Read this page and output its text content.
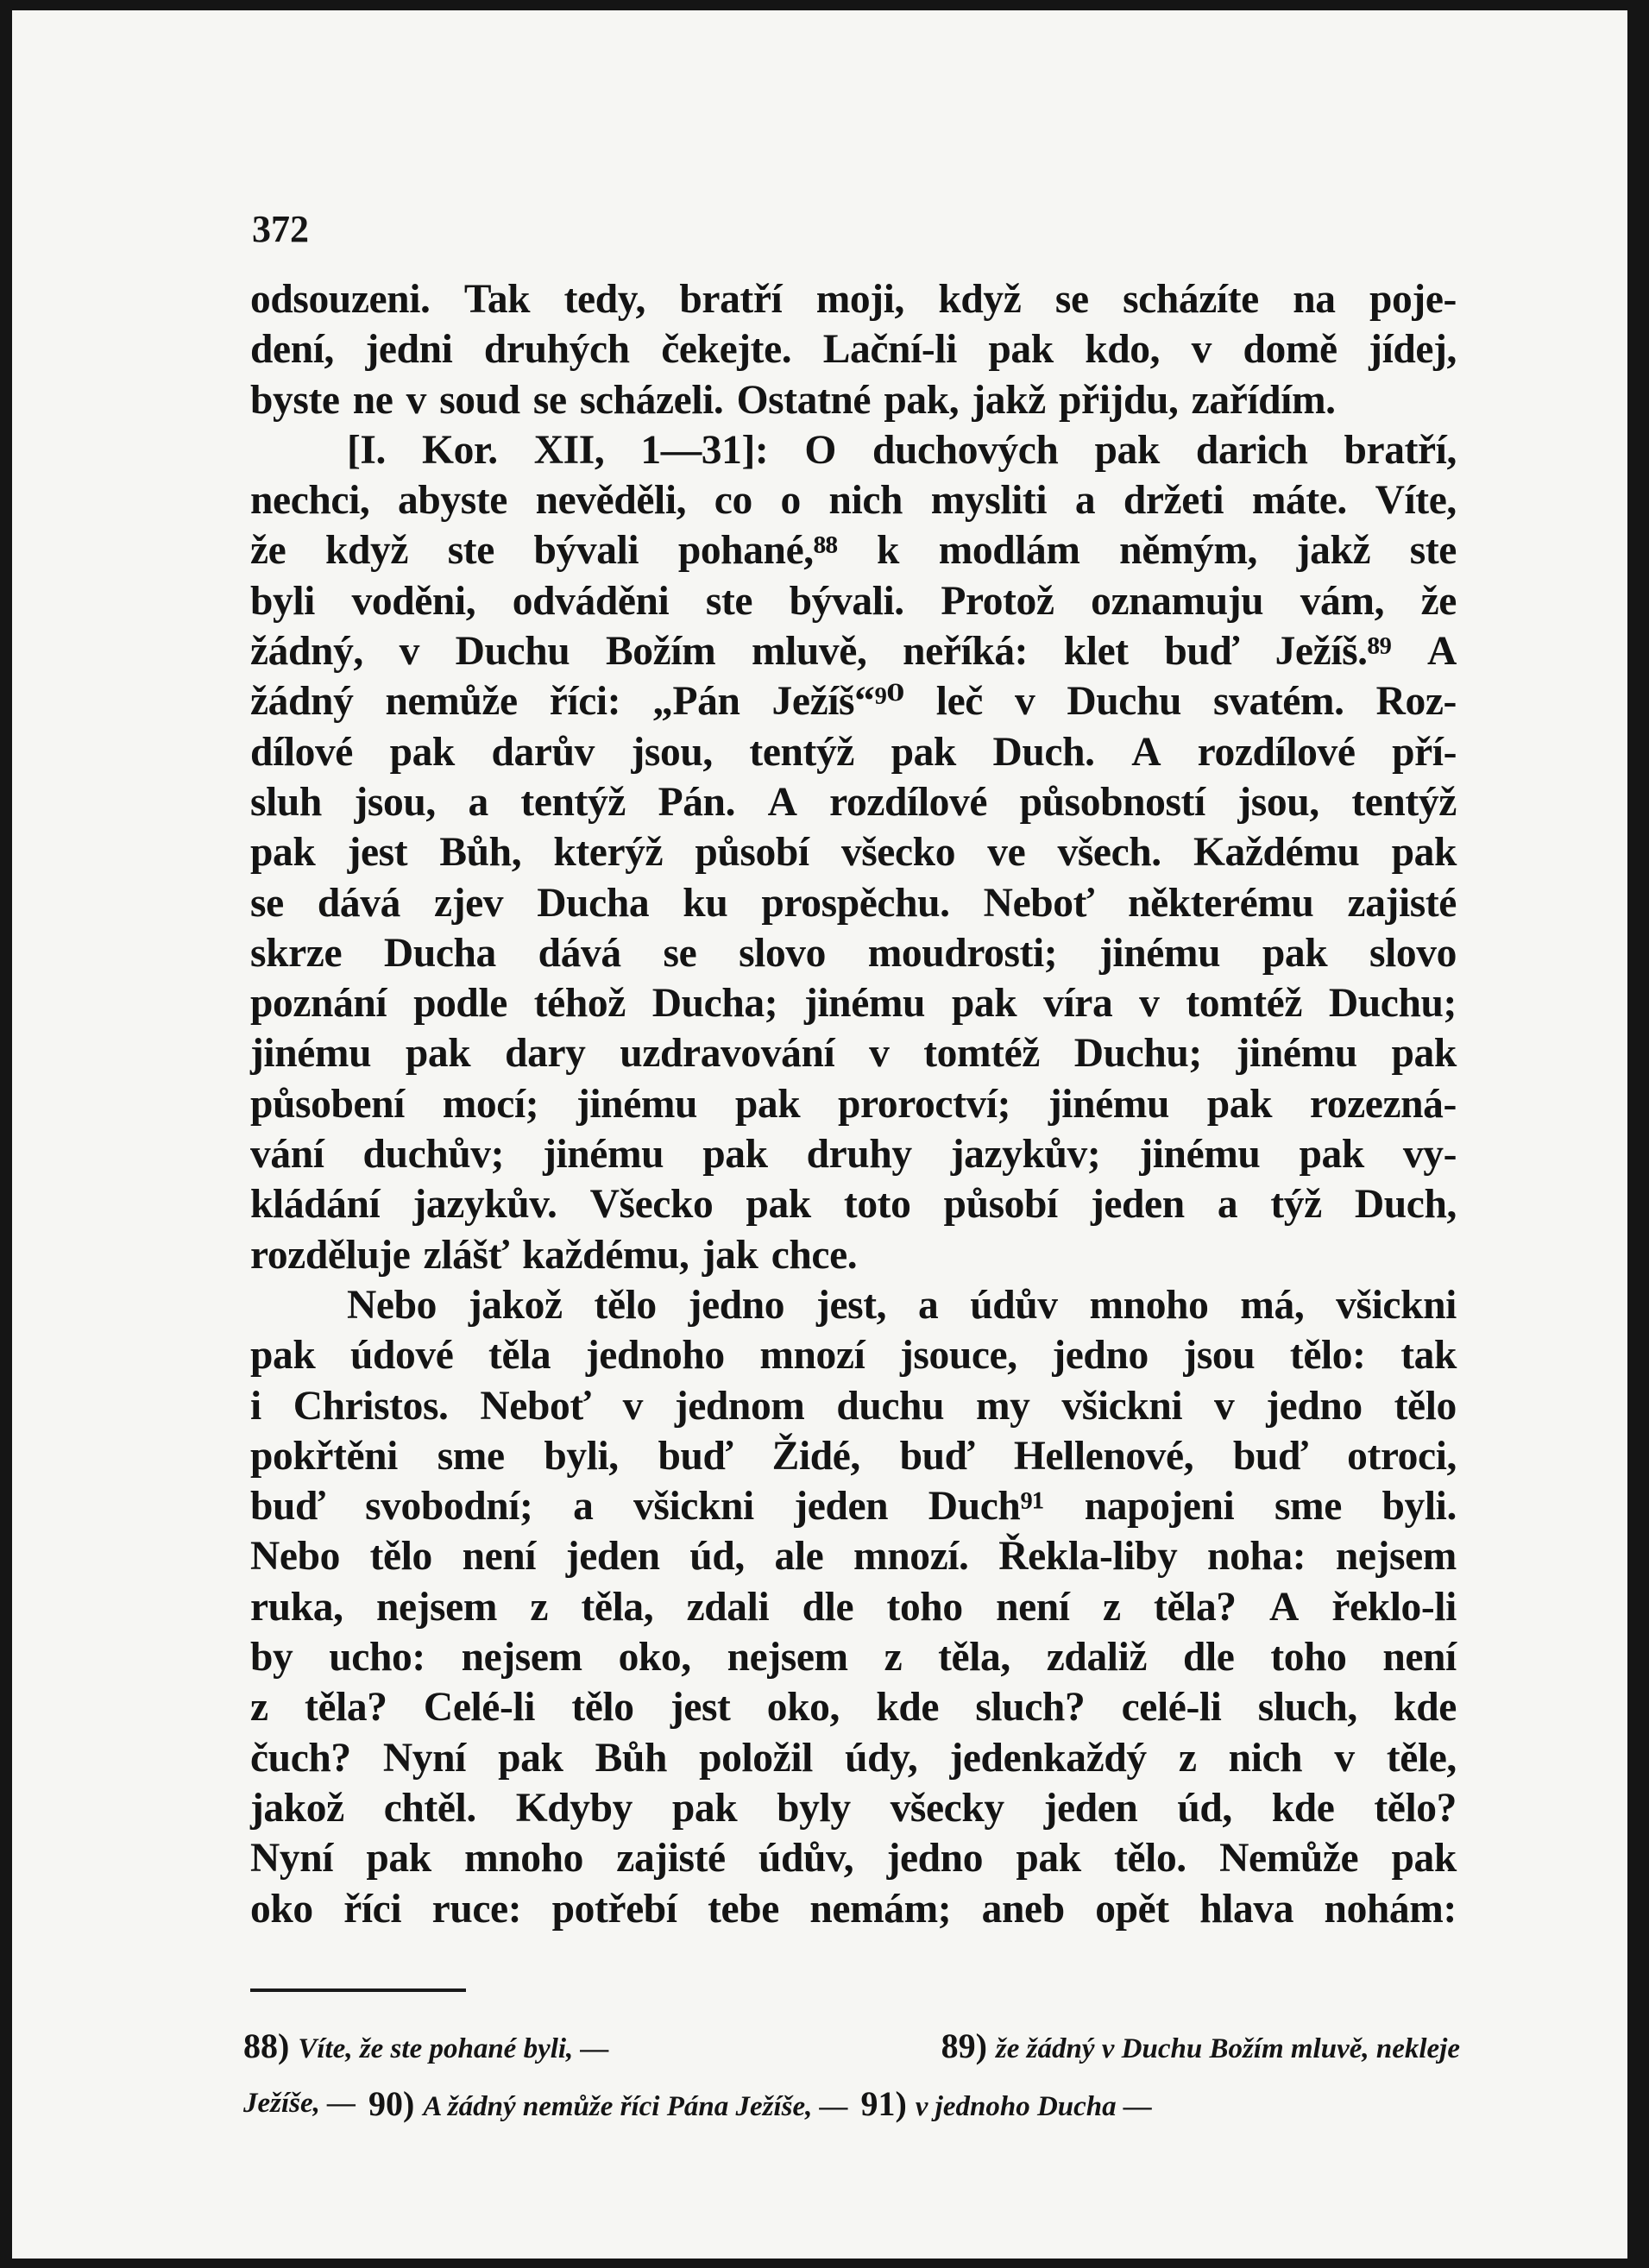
372
odsouzeni. Tak tedy, bratří moji, když se scházíte na poje-
dení, jedni druhých čekejte. Lační-li pak kdo, v domě jídej,
byste ne v soud se scházeli. Ostatné pak, jakž přijdu, zařídím.
[I. Kor. XII, 1—31]: O duchových pak darich bratří,
nechci, abyste nevěděli, co o nich mysliti a držeti máte. Víte,
že když ste bývali pohané,⁸⁸ k modlám němým, jakž ste
byli voděni, odváděni ste bývali. Protož oznamuju vám, že
žádný, v Duchu Božím mluvě, neříká: klet buď Ježíš.⁸⁹ A
žádný nemůže říci: „Pán Ježíš“⁹⁰ leč v Duchu svatém. Roz-
dílové pak darův jsou, tentýž pak Duch. A rozdílové pří-
sluh jsou, a tentýž Pán. A rozdílové působností jsou, tentýž
pak jest Bůh, kterýž působí všecko ve všech. Každému pak
se dává zjev Ducha ku prospěchu. Neboť některému zajisté
skrze Ducha dává se slovo moudrosti; jinému pak slovo
poznání podle téhož Ducha; jinému pak víra v tomtéž Duchu;
jinému pak dary uzdravování v tomtéž Duchu; jinému pak
působení mocí; jinému pak proroctví; jinému pak rozezná-
vání duchův; jinému pak druhy jazykův; jinému pak vy-
kládání jazykův. Všecko pak toto působí jeden a týž Duch,
rozděluje zlášť každému, jak chce.
Nebo jakož tělo jedno jest, a údův mnoho má, všickni
pak údové těla jednoho mnozí jsouce, jedno jsou tělo: tak
i Christos. Neboť v jednom duchu my všickni v jedno tělo
pokřtěni sme byli, buď Židé, buď Hellenové, buď otroci,
buď svobodní; a všickni jeden Duch⁹¹ napojeni sme byli.
Nebo tělo není jeden úd, ale mnozí. Řekla-liby noha: nejsem
ruka, nejsem z těla, zdali dle toho není z těla? A řeklo-li
by ucho: nejsem oko, nejsem z těla, zdaliž dle toho není
z těla? Celé-li tělo jest oko, kde sluch? celé-li sluch, kde
čuch? Nyní pak Bůh položil údy, jedenkaždý z nich v těle,
jakož chtěl. Kdyby pak byly všecky jeden úd, kde tělo?
Nyní pak mnoho zajisté údův, jedno pak tělo. Nemůže pak
oko říci ruce: potřebí tebe nemám; aneb opět hlava nohám:
88) Víte, že ste pohané byli, —	89) že žádný v Duchu Božím mluvě, nekleje
Ježíše, — 90) A žádný nemůže říci Pána Ježíše, — 91) v jednoho Ducha —
